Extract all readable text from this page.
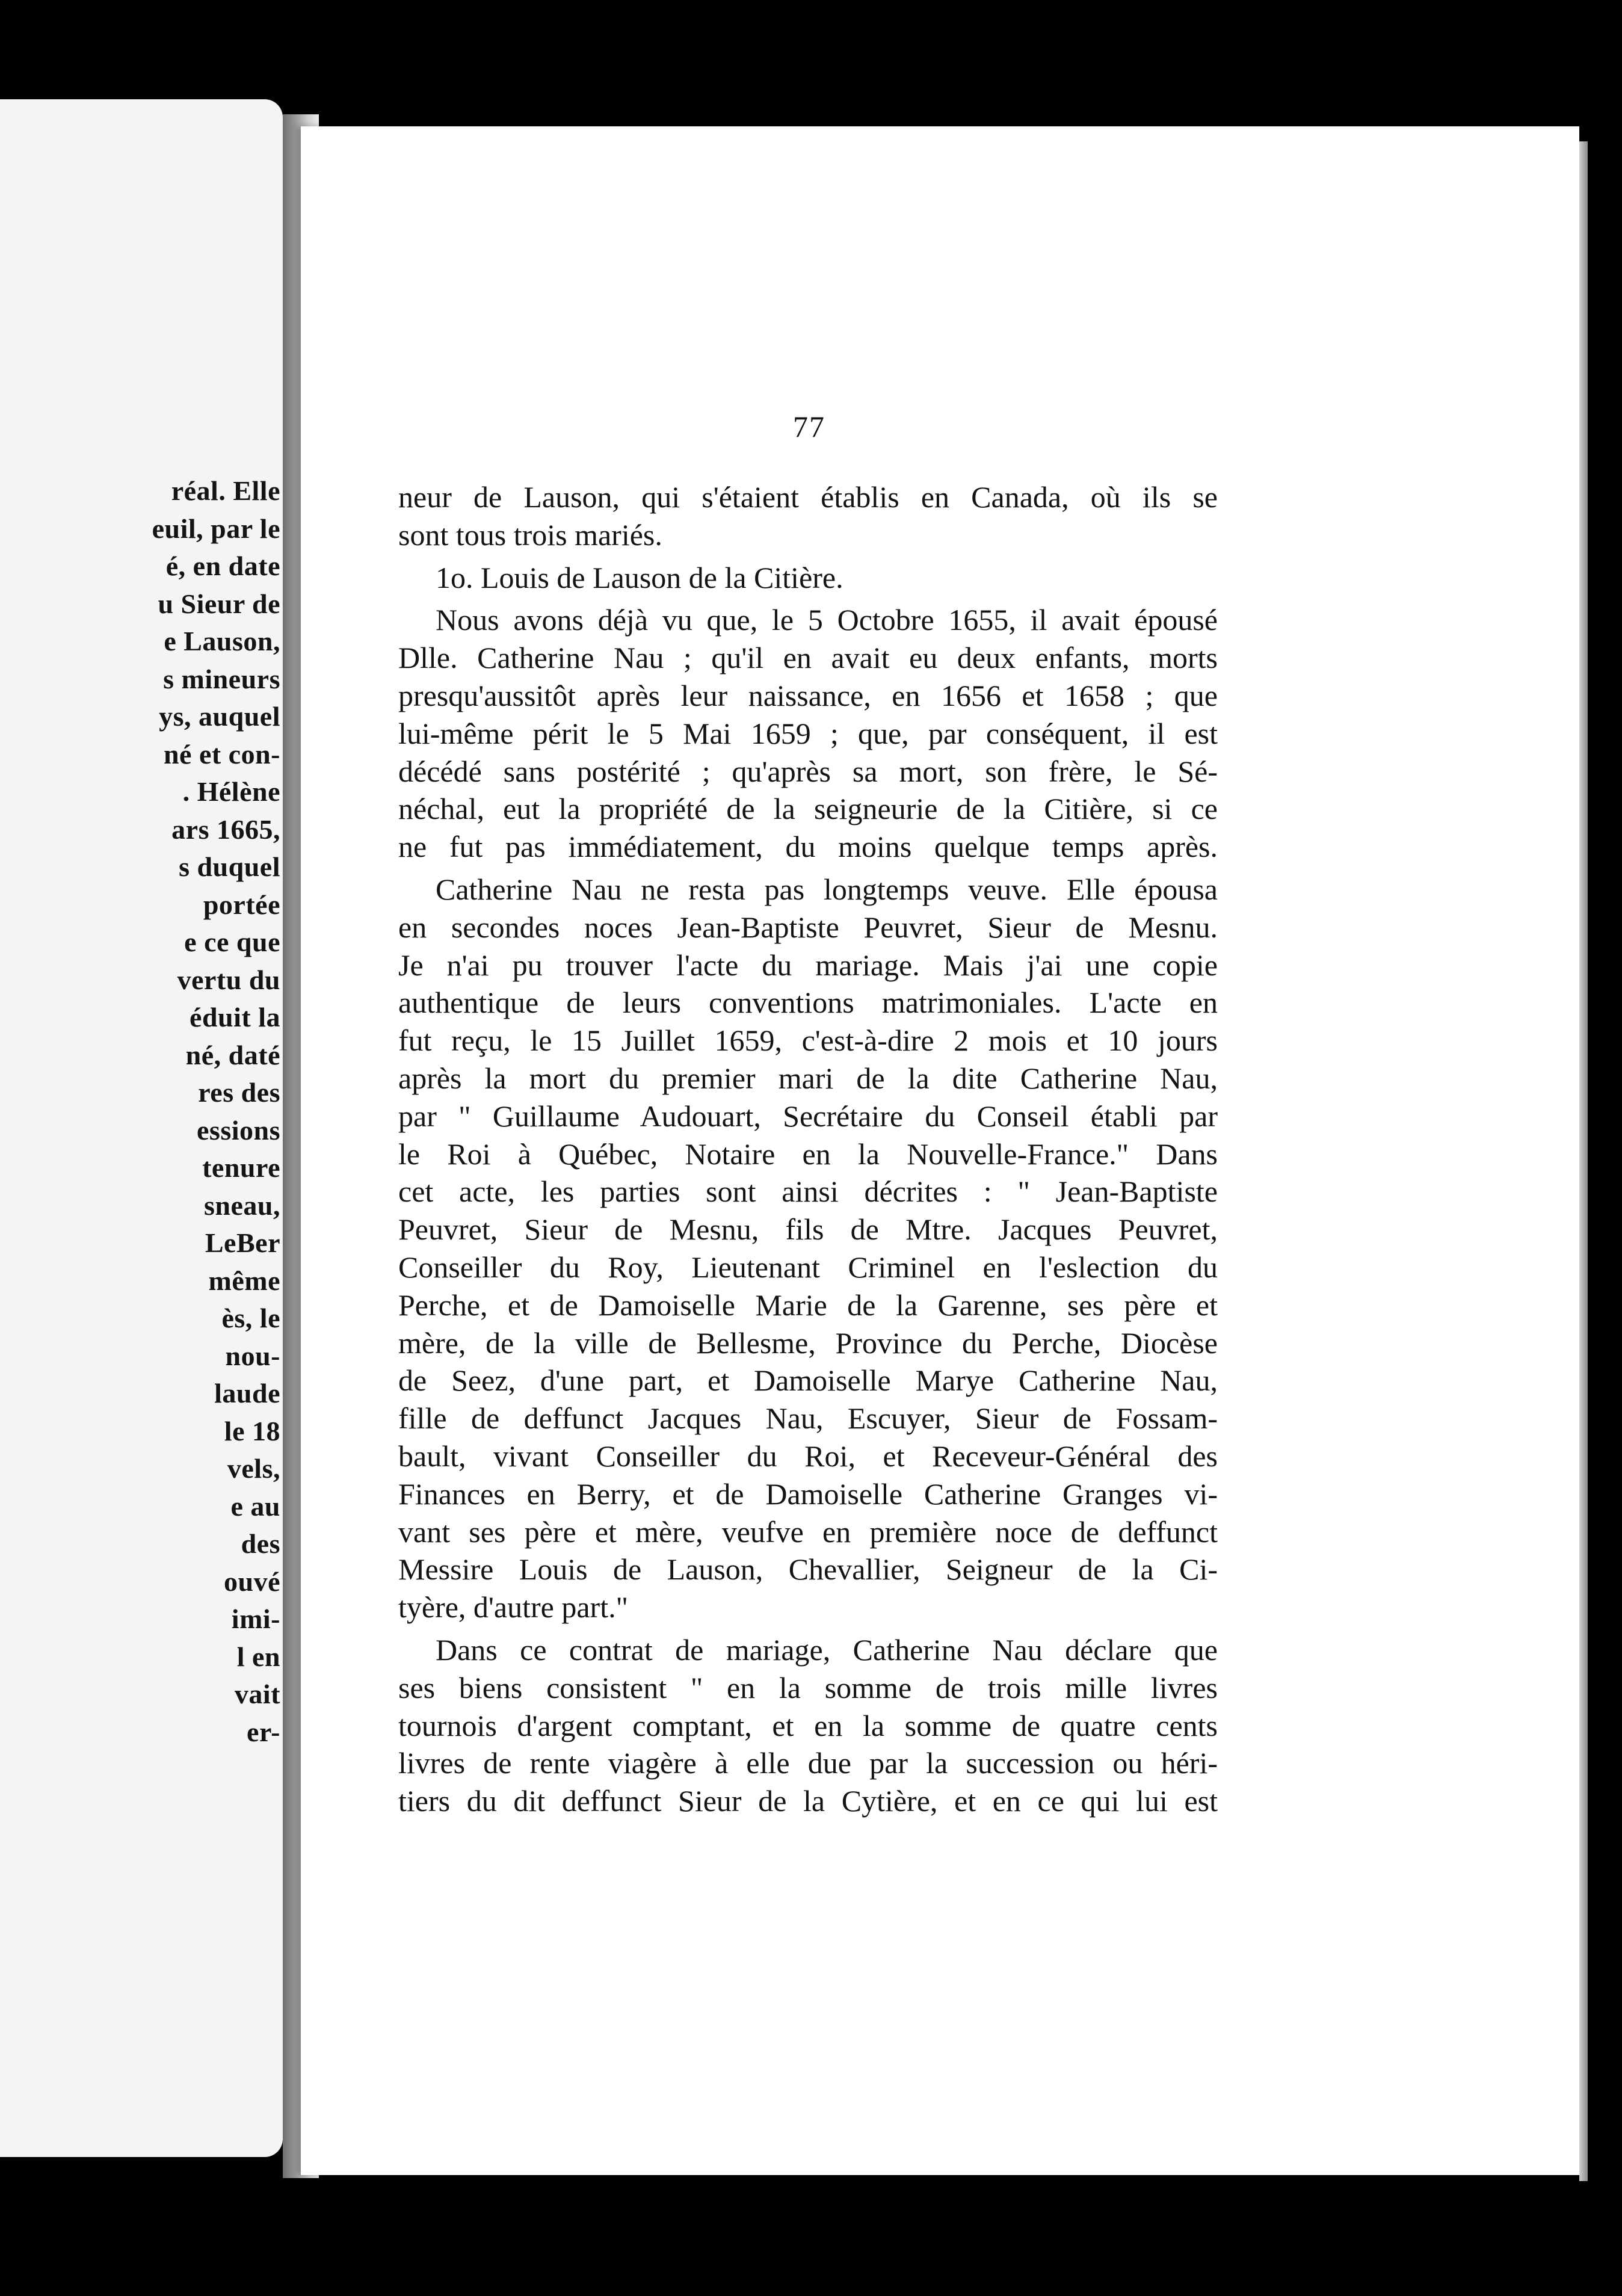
réal. Elle
euil, par le
é, en date
u Sieur de
e Lauson,
s mineurs
ys, auquel
né et con-
. Hélène
ars 1665,
s duquel
portée
e ce que
vertu du
éduit la
né, daté
res des
essions
tenure
sneau,
LeBer
même
ès, le
nou-
laude
le 18
vels,
e au
des
ouvé
imi-
l en
vait
er-
77
neur de Lauson, qui s'étaient établis en Canada, où ils se
sont tous trois mariés.
1o. Louis de Lauson de la Citière.
Nous avons déjà vu que, le 5 Octobre 1655, il avait épousé
Dlle. Catherine Nau ; qu'il en avait eu deux enfants, morts
presqu'aussitôt après leur naissance, en 1656 et 1658 ; que
lui-même périt le 5 Mai 1659 ; que, par conséquent, il est
décédé sans postérité ; qu'après sa mort, son frère, le Sé-
néchal, eut la propriété de la seigneurie de la Citière, si ce
ne fut pas immédiatement, du moins quelque temps après.
Catherine Nau ne resta pas longtemps veuve. Elle épousa
en secondes noces Jean-Baptiste Peuvret, Sieur de Mesnu.
Je n'ai pu trouver l'acte du mariage. Mais j'ai une copie
authentique de leurs conventions matrimoniales. L'acte en
fut reçu, le 15 Juillet 1659, c'est-à-dire 2 mois et 10 jours
après la mort du premier mari de la dite Catherine Nau,
par " Guillaume Audouart, Secrétaire du Conseil établi par
le Roi à Québec, Notaire en la Nouvelle-France." Dans
cet acte, les parties sont ainsi décrites : " Jean-Baptiste
Peuvret, Sieur de Mesnu, fils de Mtre. Jacques Peuvret,
Conseiller du Roy, Lieutenant Criminel en l'eslection du
Perche, et de Damoiselle Marie de la Garenne, ses père et
mère, de la ville de Bellesme, Province du Perche, Diocèse
de Seez, d'une part, et Damoiselle Marye Catherine Nau,
fille de deffunct Jacques Nau, Escuyer, Sieur de Fossam-
bault, vivant Conseiller du Roi, et Receveur-Général des
Finances en Berry, et de Damoiselle Catherine Granges vi-
vant ses père et mère, veufve en première noce de deffunct
Messire Louis de Lauson, Chevallier, Seigneur de la Ci-
tyère, d'autre part."
Dans ce contrat de mariage, Catherine Nau déclare que
ses biens consistent " en la somme de trois mille livres
tournois d'argent comptant, et en la somme de quatre cents
livres de rente viagère à elle due par la succession ou héri-
tiers du dit deffunct Sieur de la Cytière, et en ce qui lui est
